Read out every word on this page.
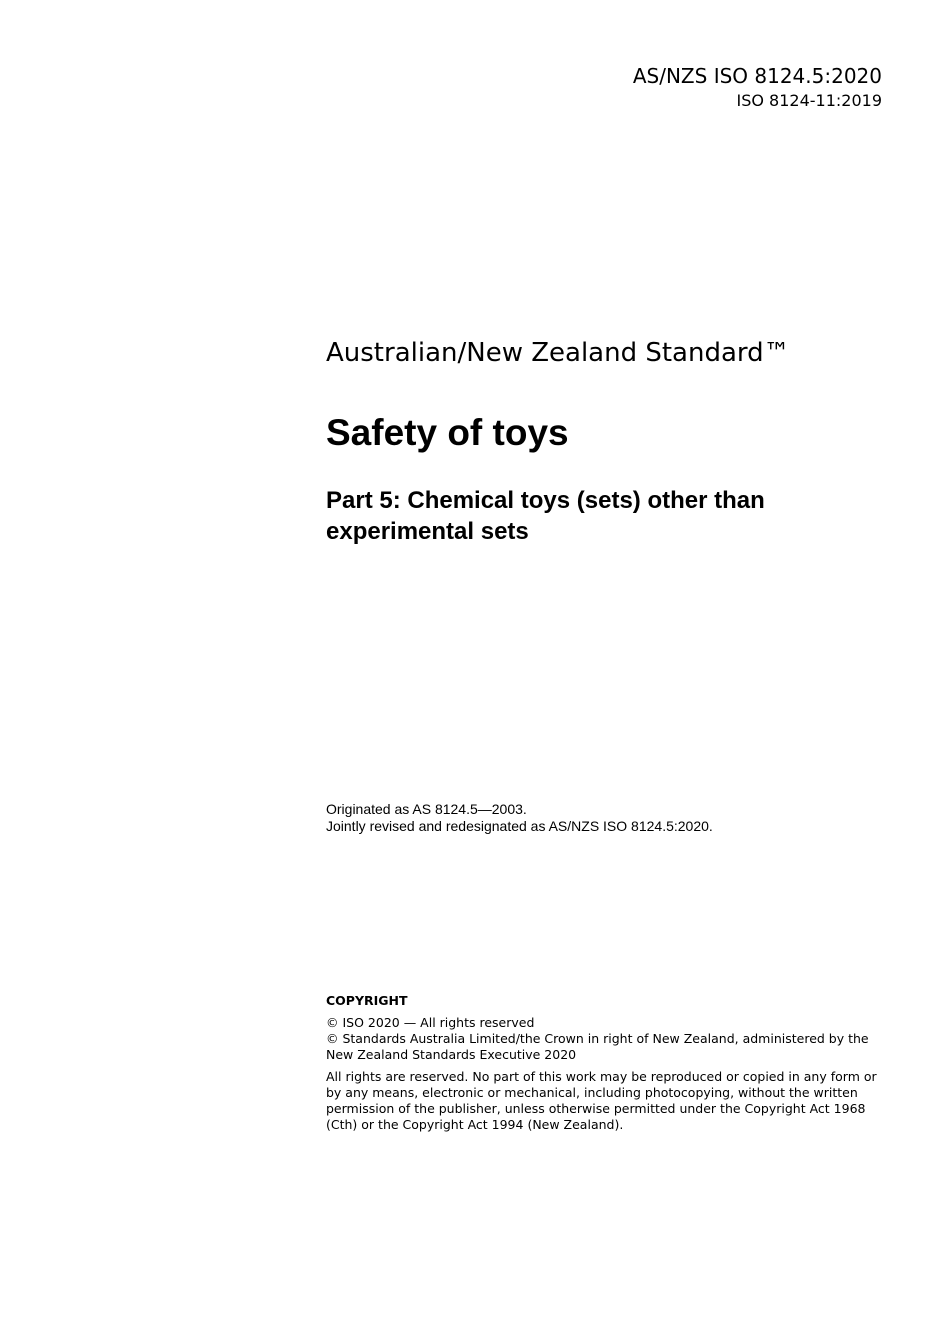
AS/NZS ISO 8124.5:2020
ISO 8124-11:2019
Australian/New Zealand Standard™
Safety of toys
Part 5: Chemical toys (sets) other than experimental sets
Originated as AS 8124.5—2003.
Jointly revised and redesignated as AS/NZS ISO 8124.5:2020.
COPYRIGHT
© ISO 2020 — All rights reserved
© Standards Australia Limited/the Crown in right of New Zealand, administered by the New Zealand Standards Executive 2020
All rights are reserved. No part of this work may be reproduced or copied in any form or by any means, electronic or mechanical, including photocopying, without the written permission of the publisher, unless otherwise permitted under the Copyright Act 1968 (Cth) or the Copyright Act 1994 (New Zealand).
